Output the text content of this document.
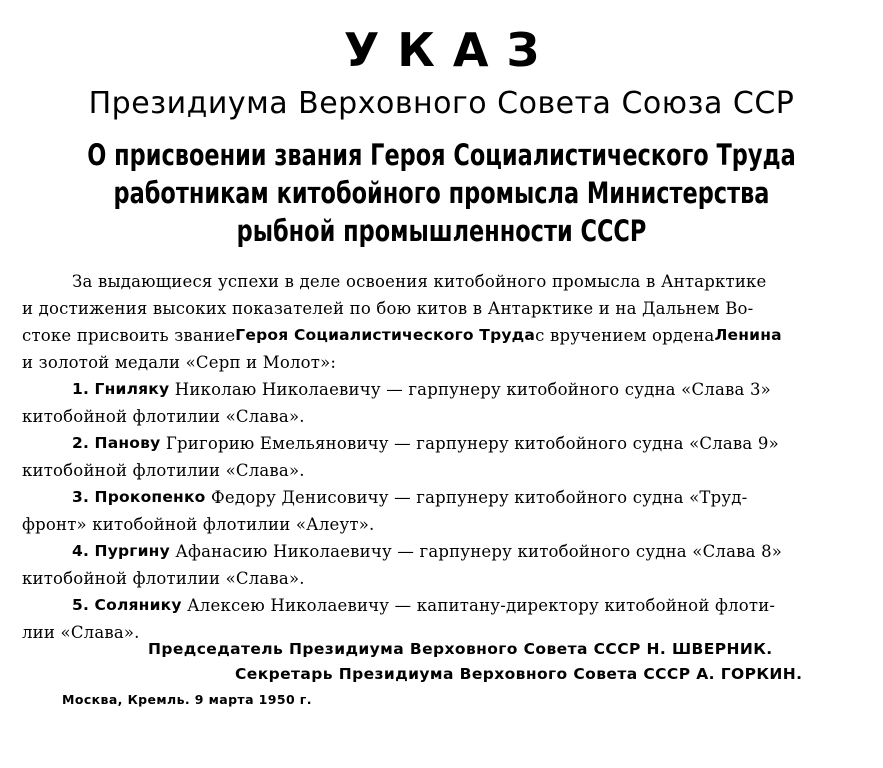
УКАЗ
Президиума Верховного Совета Союза ССР
О присвоении звания Героя Социалистического Труда
работникам китобойного промысла Министерства
рыбной промышленности СССР
За выдающиеся успехи в деле освоения китобойного промысла в Антарктике
и достижения высоких показателей по бою китов в Антарктике и на Дальнем Во-
стоке присвоить звание Героя Социалистического Труда с вручением ордена Ленина
и золотой медали «Серп и Молот»:
1.
Гниляку
Николаю Николаевичу — гарпунеру китобойного судна «Слава 3»
китобойной флотилии «Слава».
2.
Панову
Григорию Емельяновичу — гарпунеру китобойного судна «Слава 9»
китобойной флотилии «Слава».
3.
Прокопенко
Федору Денисовичу — гарпунеру китобойного судна «Труд-
фронт» китобойной флотилии «Алеут».
4.
Пургину
Афанасию Николаевичу — гарпунеру китобойного судна «Слава 8»
китобойной флотилии «Слава».
5.
Солянику
Алексею Николаевичу — капитану-директору китобойной флоти-
лии «Слава».
Председатель Президиума Верховного Совета СССР Н. ШВЕРНИК.
Секретарь Президиума Верховного Совета СССР А. ГОРКИН.
Москва, Кремль. 9 марта 1950 г.
